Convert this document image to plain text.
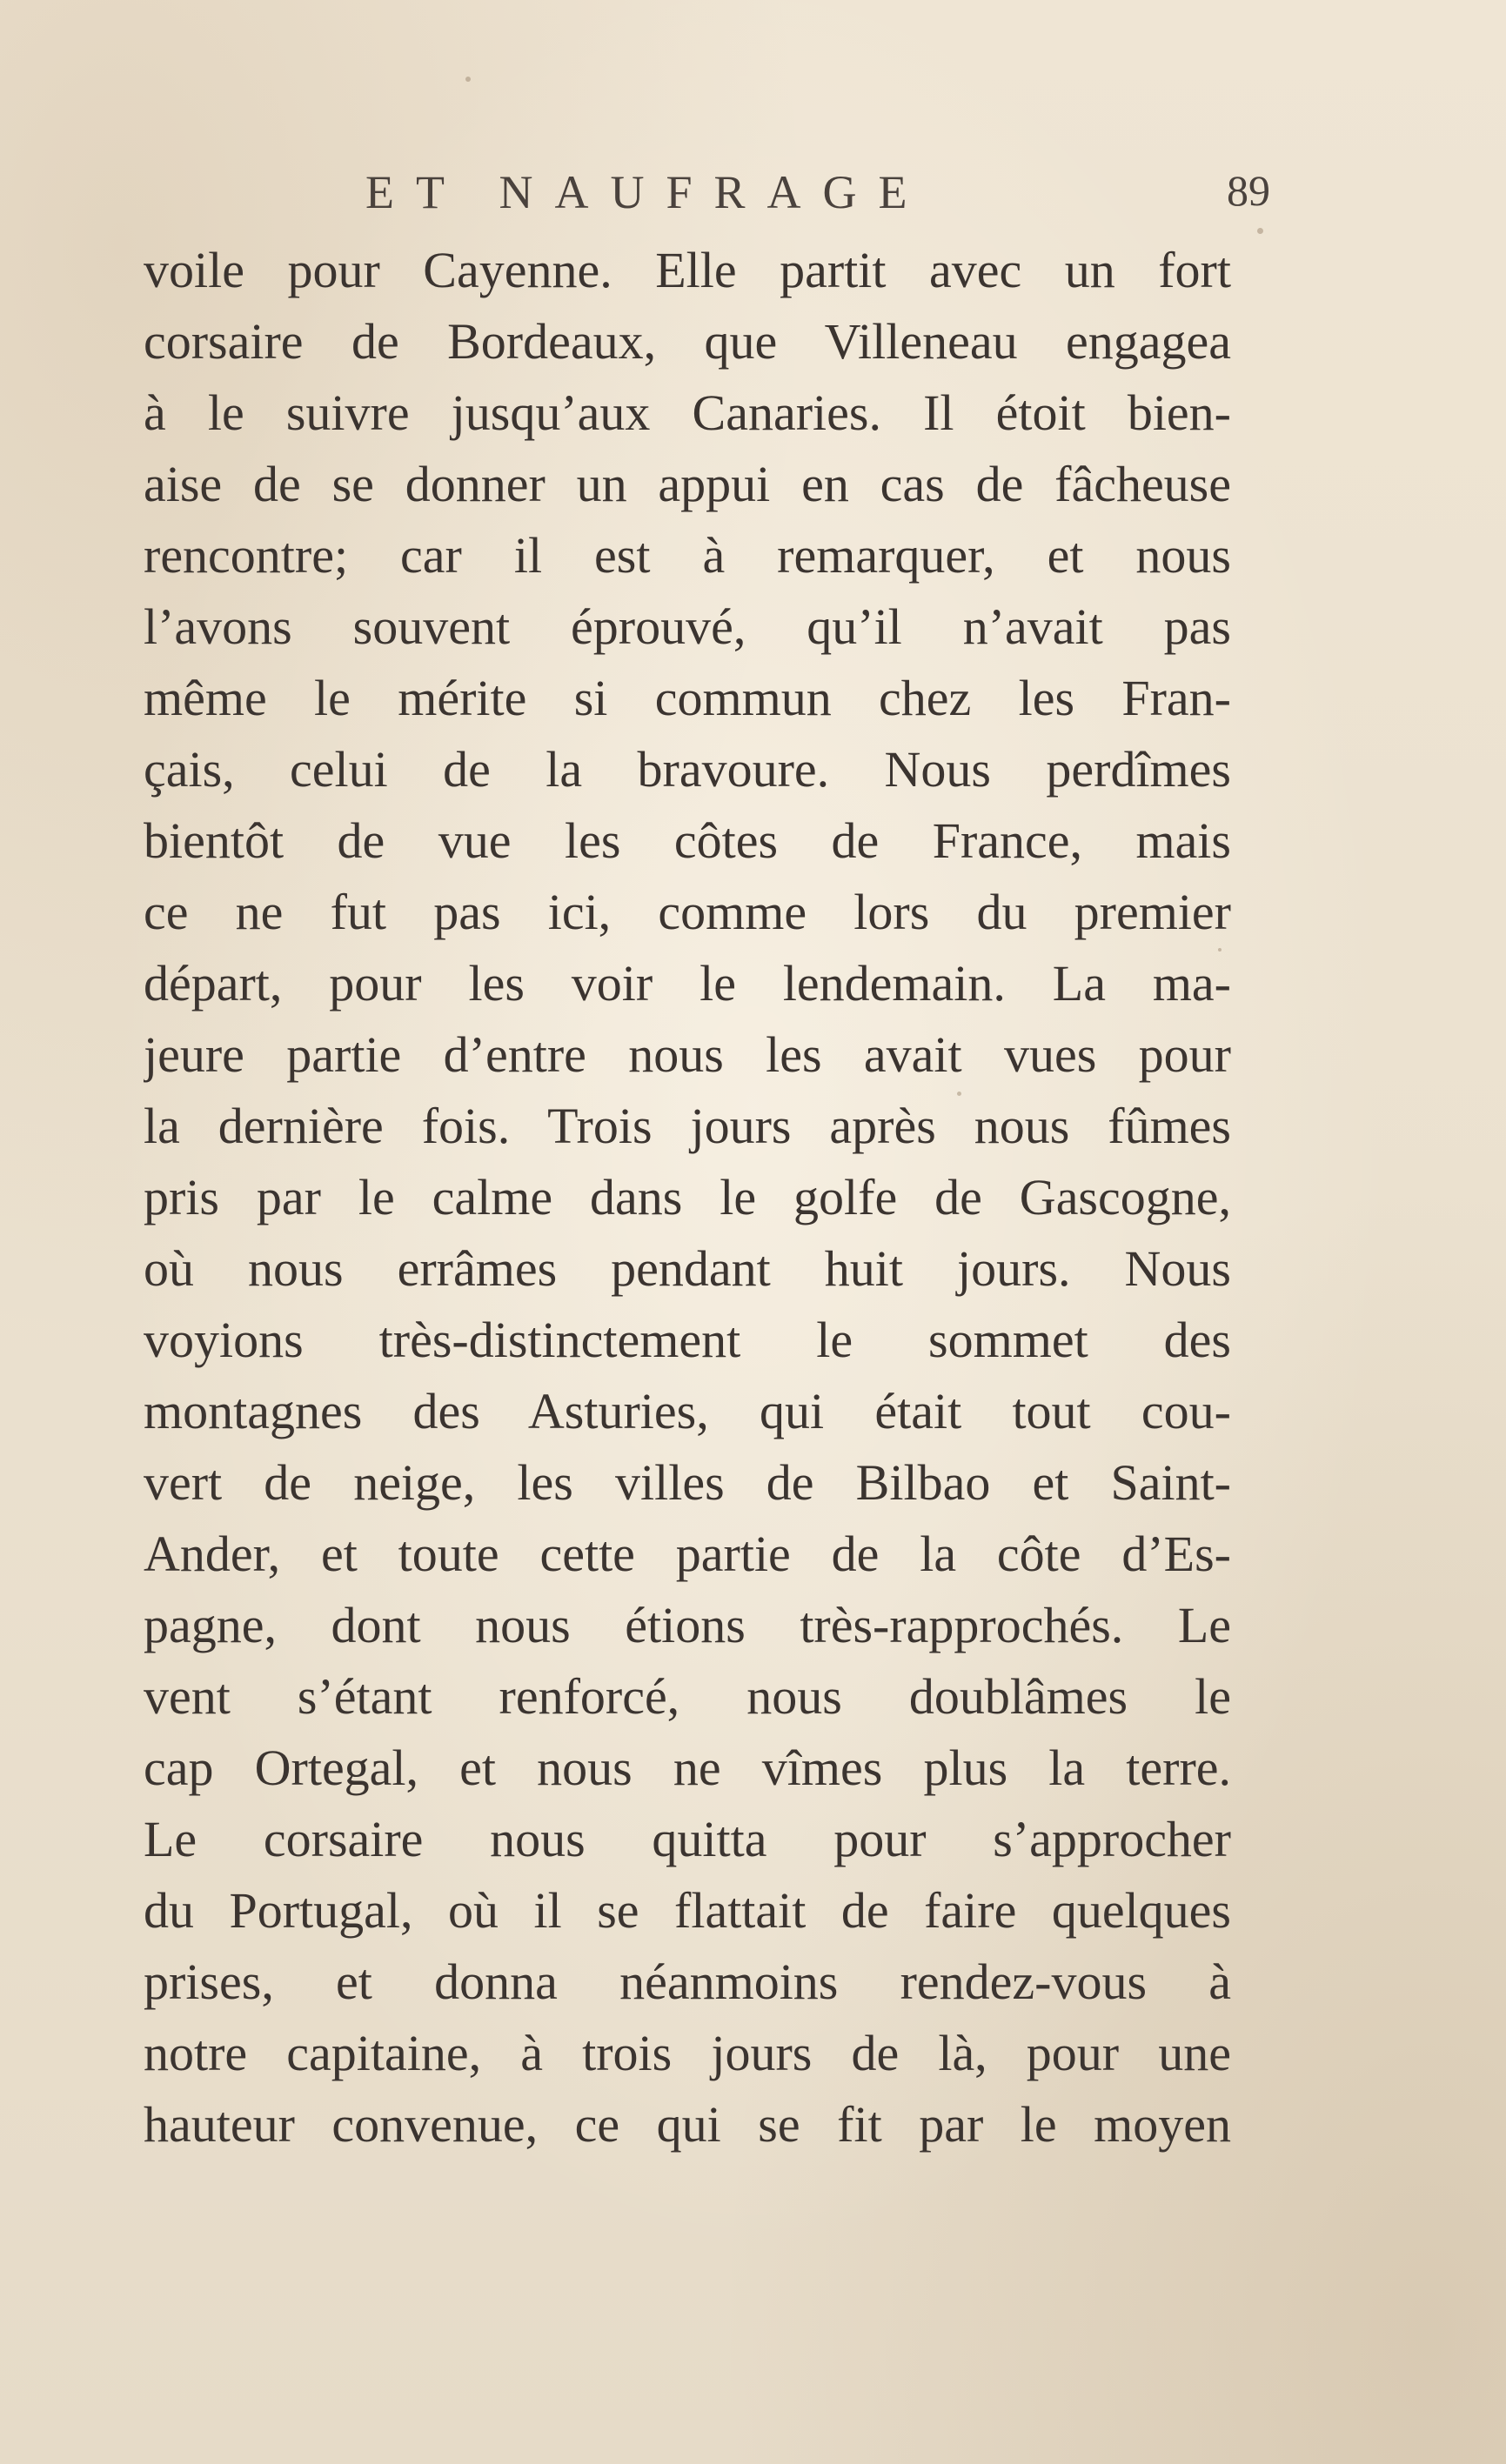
ET NAUFRAGE	89
voile pour Cayenne. Elle partit avec un fort
corsaire de Bordeaux, que Villeneau engagea
à le suivre jusqu’aux Canaries. Il étoit bien-
aise de se donner un appui en cas de fâcheuse
rencontre; car il est à remarquer, et nous
l’avons souvent éprouvé, qu’il n’avait pas
même le mérite si commun chez les Fran-
çais, celui de la bravoure. Nous perdîmes
bientôt de vue les côtes de France, mais
ce ne fut pas ici, comme lors du premier
départ, pour les voir le lendemain. La ma-
jeure partie d’entre nous les avait vues pour
la dernière fois. Trois jours après nous fûmes
pris par le calme dans le golfe de Gascogne,
où nous errâmes pendant huit jours. Nous
voyions très-distinctement le sommet des
montagnes des Asturies, qui était tout cou-
vert de neige, les villes de Bilbao et Saint-
Ander, et toute cette partie de la côte d’Es-
pagne, dont nous étions très-rapprochés. Le
vent s’étant renforcé, nous doublâmes le
cap Ortegal, et nous ne vîmes plus la terre.
Le corsaire nous quitta pour s’approcher
du Portugal, où il se flattait de faire quelques
prises, et donna néanmoins rendez-vous à
notre capitaine, à trois jours de là, pour une
hauteur convenue, ce qui se fit par le moyen
